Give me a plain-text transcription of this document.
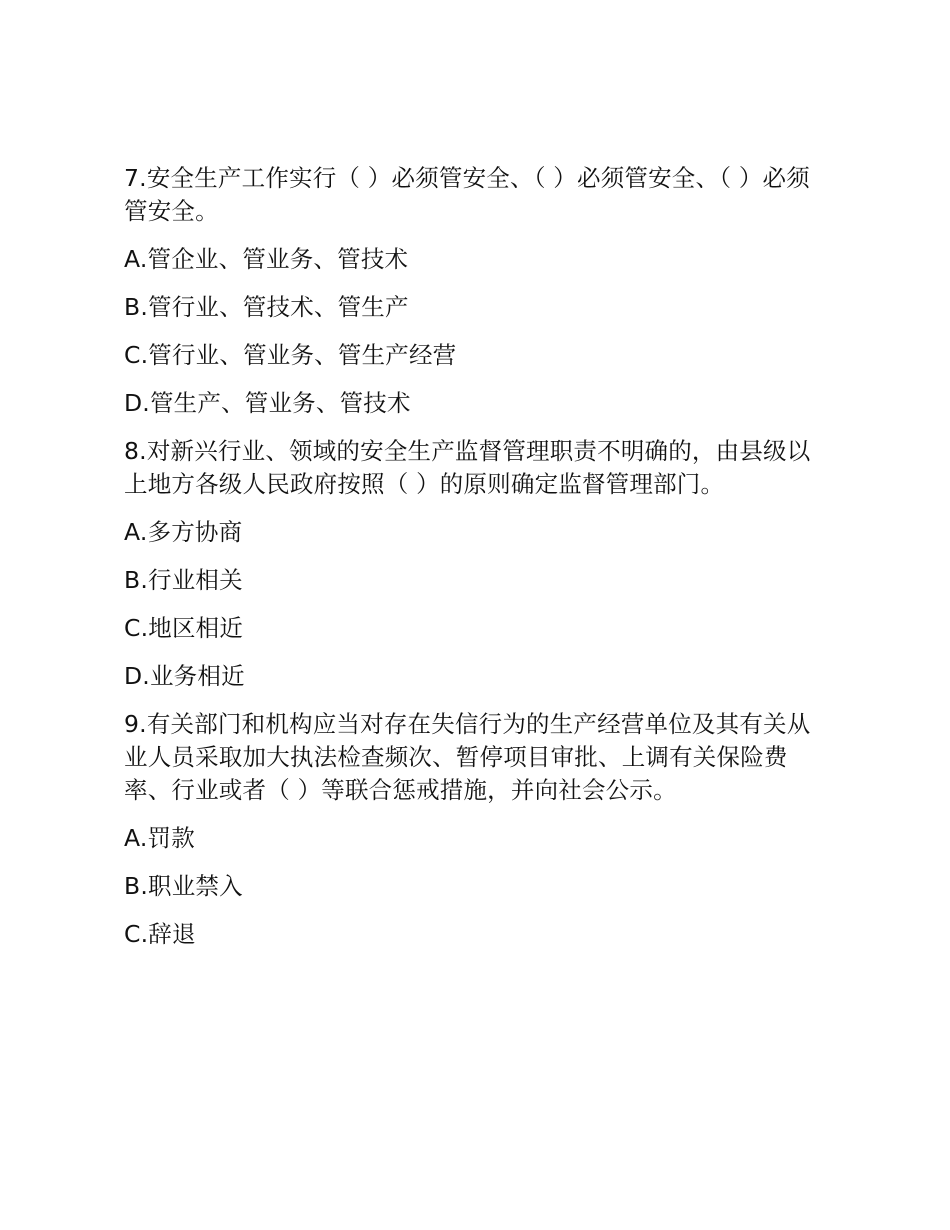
7.安全生产工作实行（ ）必须管安全、（ ）必须管安全、（ ）必须管安全。
A.管企业、管业务、管技术
B.管行业、管技术、管生产
C.管行业、管业务、管生产经营
D.管生产、管业务、管技术
8.对新兴行业、领域的安全生产监督管理职责不明确的，由县级以上地方各级人民政府按照（ ）的原则确定监督管理部门。
A.多方协商
B.行业相关
C.地区相近
D.业务相近
9.有关部门和机构应当对存在失信行为的生产经营单位及其有关从业人员采取加大执法检查频次、暂停项目审批、上调有关保险费率、行业或者（ ）等联合惩戒措施，并向社会公示。
A.罚款
B.职业禁入
C.辞退
